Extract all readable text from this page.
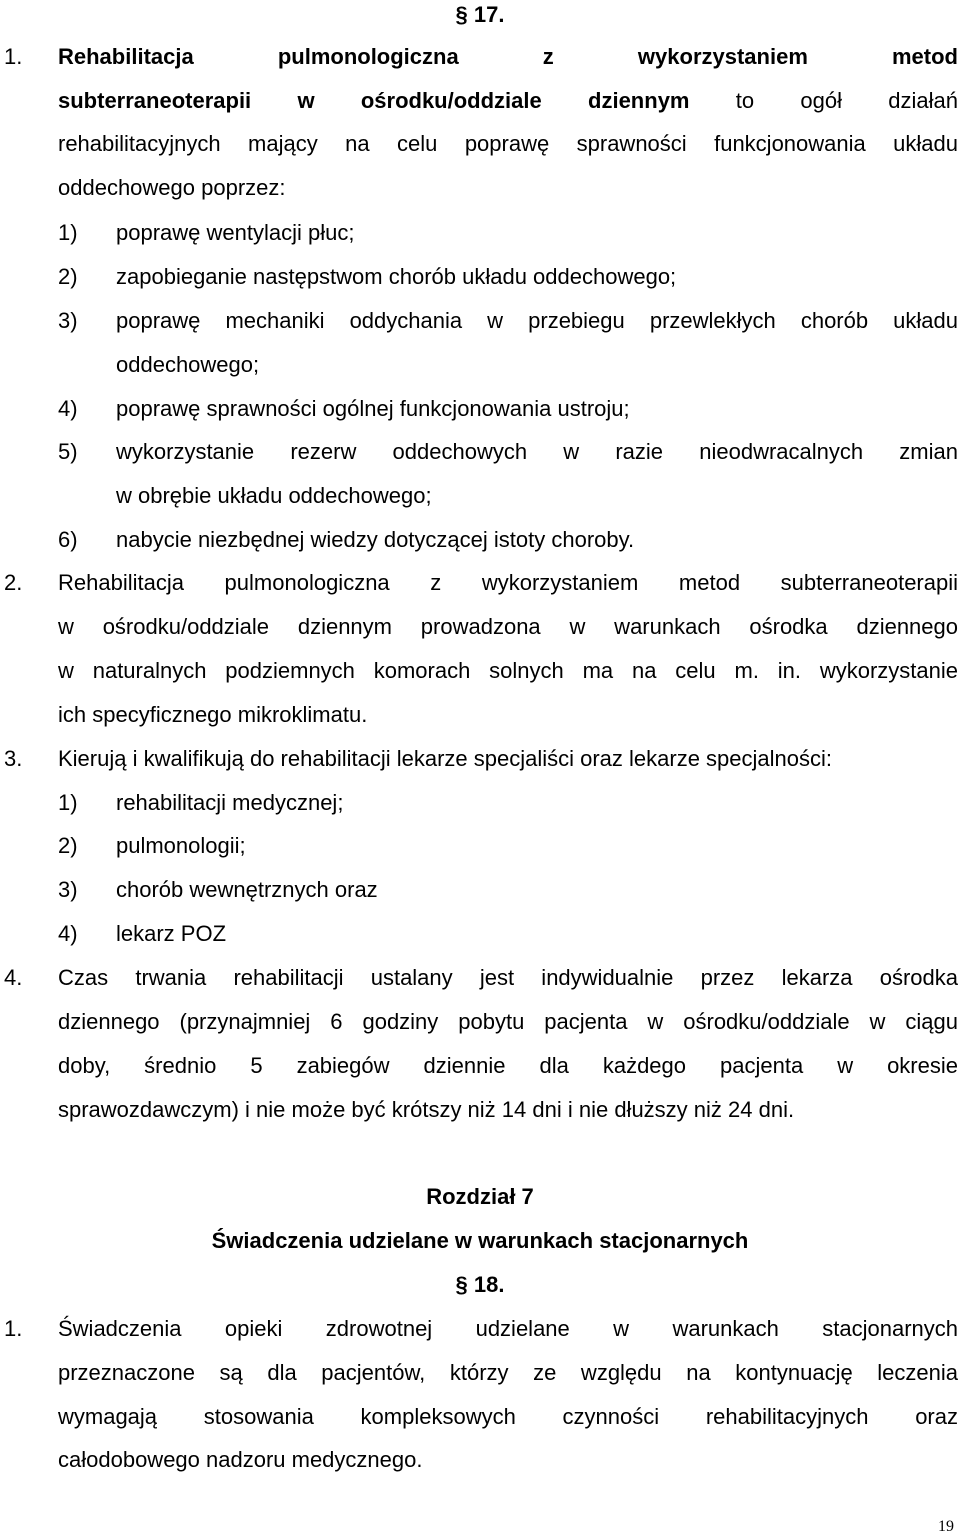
§ 17.
1.	Rehabilitacja pulmonologiczna z wykorzystaniem metod
subterraneoterapii w ośrodku/oddziale dziennym to ogół działań
rehabilitacyjnych mający na celu poprawę sprawności funkcjonowania układu
oddechowego poprzez:
1)	poprawę wentylacji płuc;
2)	zapobieganie następstwom chorób układu oddechowego;
3)	poprawę mechaniki oddychania w przebiegu przewlekłych chorób układu
oddechowego;
4)	poprawę sprawności ogólnej funkcjonowania ustroju;
5)	wykorzystanie rezerw oddechowych w razie nieodwracalnych zmian
w obrębie układu oddechowego;
6)	nabycie niezbędnej wiedzy dotyczącej istoty choroby.
2.	Rehabilitacja pulmonologiczna z wykorzystaniem metod subterraneoterapii
w ośrodku/oddziale dziennym prowadzona w warunkach ośrodka dziennego
w naturalnych podziemnych komorach solnych ma na celu m. in. wykorzystanie
ich specyficznego mikroklimatu.
3.	Kierują i kwalifikują do rehabilitacji lekarze specjaliści oraz lekarze specjalności:
1)	rehabilitacji medycznej;
2)	pulmonologii;
3)	chorób wewnętrznych oraz
4)	lekarz POZ
4.	Czas trwania rehabilitacji ustalany jest indywidualnie przez lekarza ośrodka
dziennego (przynajmniej 6 godziny pobytu pacjenta w ośrodku/oddziale w ciągu
doby, średnio 5 zabiegów dziennie dla każdego pacjenta w okresie
sprawozdawczym) i nie może być krótszy niż 14 dni i nie dłuższy niż 24 dni.
Rozdział 7
Świadczenia udzielane w warunkach stacjonarnych
§ 18.
1.	Świadczenia opieki zdrowotnej udzielane w warunkach stacjonarnych
przeznaczone są dla pacjentów, którzy ze względu na kontynuację leczenia
wymagają stosowania kompleksowych czynności rehabilitacyjnych oraz
całodobowego nadzoru medycznego.
19
